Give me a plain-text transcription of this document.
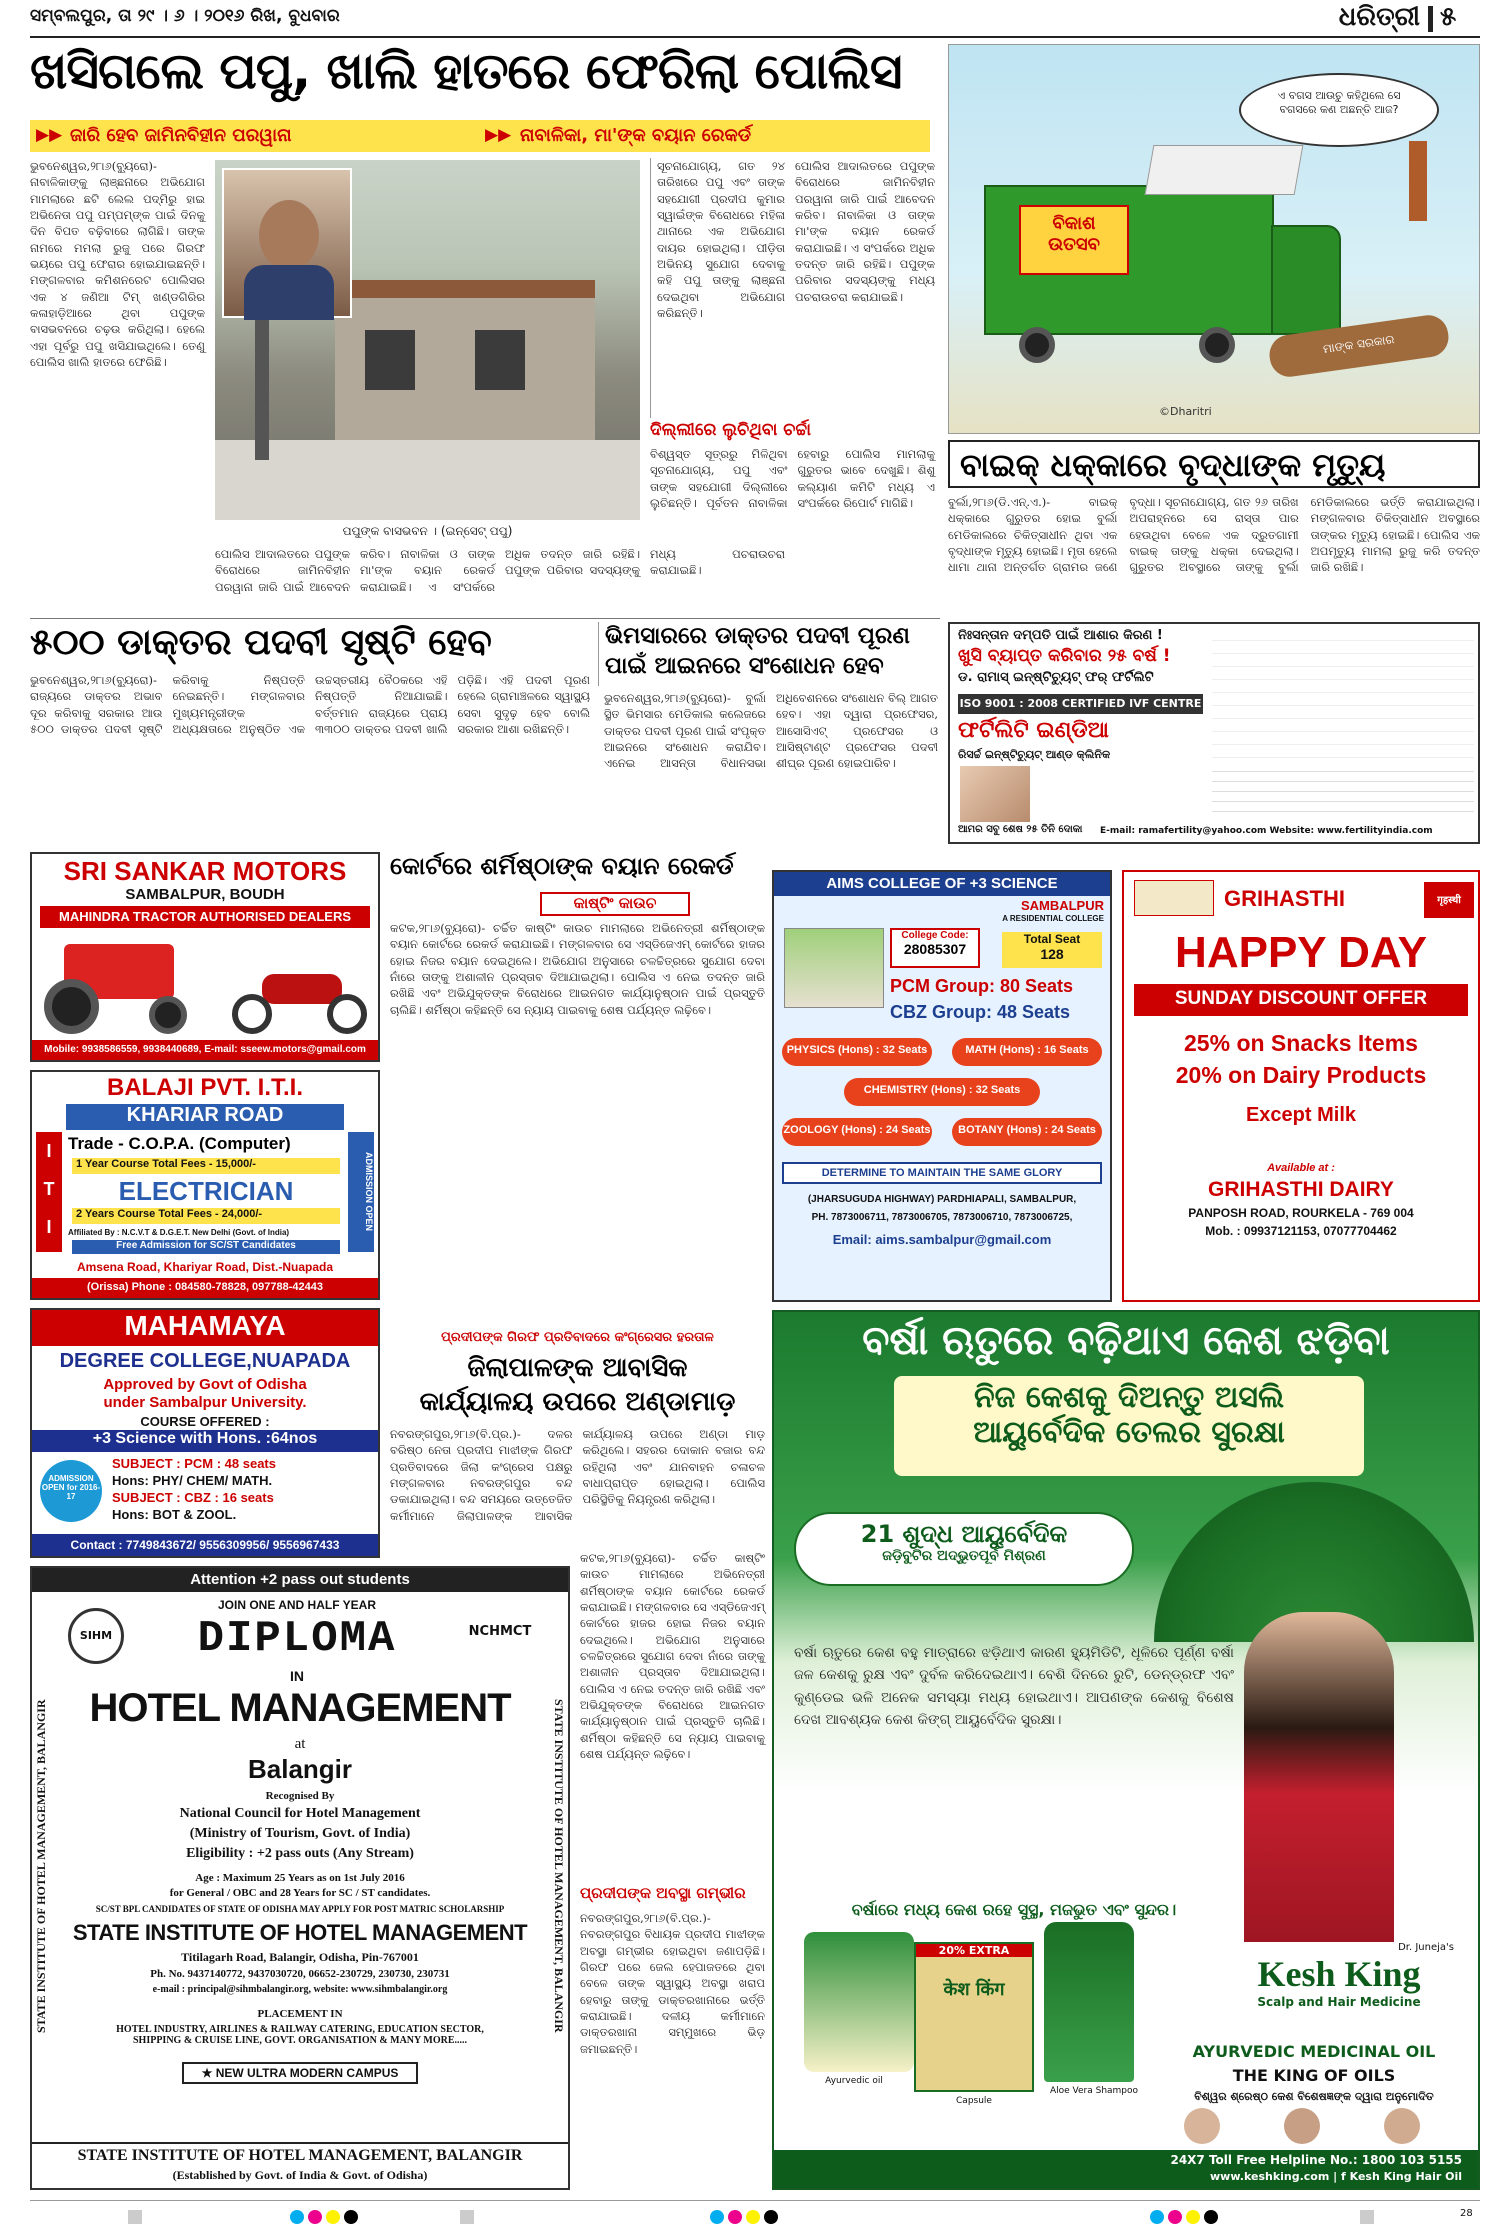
ସମ୍ବଲପୁର, ତା ୨୯ । ୬ । ୨୦୧୬ ରିଖ, ବୁଧବାର	ଧରିତ୍ରୀ ୫
ଖସିଗଲେ ପପୁ, ଖାଲି ହାତରେ ଫେରିଲା ପୋଲିସ
▶▶ ଜାରି ହେବ ଜାମିନବିହୀନ ପରୱାନା	▶▶ ନାବାଳିକା, ମା'ଙ୍କ ବୟାନ ରେକର୍ଡ
ଭୁବନେଶ୍ୱର,୨୮ା୬(ବ୍ୟୁରୋ)- ନାବାଳିକାଙ୍କୁ ଲାଞ୍ଛନାରେ ଅଭିଯୋଗ ମାମଲାରେ ଛଟି ଲେଲ ପଦ୍ମିରୁ ହାଇ ଅଭିନେତା ପପୁ ପମ୍‌ପମ୍‌ଙ୍କ ପାଇଁ ଦିନକୁ ଦିନ ବିପତ ବଢ଼ିବାରେ ଲାଗିଛି। ତାଙ୍କ ନାମରେ ମମଲା ରୁଜୁ ପରେ ଗିରଫ ଭୟରେ ପପୁ ଫେରାର ହୋଇଯାଇଛନ୍ତି। ମଙ୍ଗଳବାର କମିଶନରେଟ ପୋଲିସର ଏକ ୪ ଜଣିଆ ଟିମ୍ ଖଣ୍ଡଗିରିର କଳାହାଡ଼ିଆରେ ଥିବା ପପୁଙ୍କ ବାସଭବନରେ ଚଢ଼ଉ କରିଥିଲା। ହେଲେ ଏହା ପୂର୍ବରୁ ପପୁ ଖସିଯାଇଥିଲେ। ତେଣୁ ପୋଲିସ ଖାଲି ହାତରେ ଫେରିଛି।
ପପୁଙ୍କ ବାସଭବନ । (ଇନ୍‌ସେଟ୍ ପପୁ)
ପୋଲିସ ଆଦାଲତରେ ପପୁଙ୍କ ବିରୋଧରେ ଜାମିନବିହୀନ ପରୱାନା ଜାରି ପାଇଁ ଆବେଦନ କରିବ। ନାବାଳିକା ଓ ତାଙ୍କ ମା'ଙ୍କ ବୟାନ ରେକର୍ଡ କରାଯାଇଛି। ଏ ସଂପର୍କରେ ଅଧିକ ତଦନ୍ତ ଜାରି ରହିଛି। ପପୁଙ୍କ ପରିବାର ସଦସ୍ୟଙ୍କୁ ମଧ୍ୟ ପଚରାଉଚରା କରାଯାଇଛି।
ସୂଚନାଯୋଗ୍ୟ, ଗତ ୨୪ ତାରିଖରେ ପପୁ ଏବଂ ତାଙ୍କ ସହଯୋଗୀ ପ୍ରଦୀପ କୁମାର ସ୍ୱାଇଁଙ୍କ ବିରୋଧରେ ମହିଳା ଥାନାରେ ଏକ ଅଭିଯୋଗ ଦାୟର ହୋଇଥିଲା। ପୀଡ଼ିତା ଅଭିନୟ ସୁଯୋଗ ଦେବାକୁ କହି ପପୁ ତାଙ୍କୁ ଲାଞ୍ଛନା ଦେଇଥିବା ଅଭିଯୋଗ କରିଛନ୍ତି।
ପୋଲିସ ଆଦାଲତରେ ପପୁଙ୍କ ବିରୋଧରେ ଜାମିନବିହୀନ ପରୱାନା ଜାରି ପାଇଁ ଆବେଦନ କରିବ। ନାବାଳିକା ଓ ତାଙ୍କ ମା'ଙ୍କ ବୟାନ ରେକର୍ଡ କରାଯାଇଛି। ଏ ସଂପର୍କରେ ଅଧିକ ତଦନ୍ତ ଜାରି ରହିଛି। ପପୁଙ୍କ ପରିବାର ସଦସ୍ୟଙ୍କୁ ମଧ୍ୟ ପଚରାଉଚରା କରାଯାଇଛି।
ଦିଲ୍ଲୀରେ ଲୁଚିଥିବା ଚର୍ଚ୍ଚା
ବିଶ୍ୱସ୍ତ ସୂତ୍ରରୁ ମିଳିଥିବା ସୂଚନାଯୋଗ୍ୟ, ପପୁ ଏବଂ ତାଙ୍କ ସହଯୋଗୀ ଦିଲ୍ଲୀରେ ଲୁଚିଛନ୍ତି। ପୂର୍ବତନ ନାବାଳିକା ହେବାରୁ ପୋଲିସ ମାମଲାକୁ ଗୁରୁତର ଭାବେ ଦେଖୁଛି। ଶିଶୁ କଲ୍ୟାଣ କମିଟି ମଧ୍ୟ ଏ ସଂପର୍କରେ ରିପୋର୍ଟ ମାଗିଛି।
ଏ ବଗସ ଆଉଚୁ କହିଥିଲେ ସେ ବଗସରେ କଣ ଅଛନ୍ତି ଆଜ?
ବିକାଶ
ଉତସବ
ମାଙ୍କ ସରକାର
©Dharitri
ବାଇକ୍ ଧକ୍କାରେ ବୃଦ୍ଧାଙ୍କ ମୃତ୍ୟୁ
ବୁର୍ଲା,୨୮ା୬(ଡି.ଏନ୍.ଏ.)- ବାଇକ୍ ଧକ୍କାରେ ଗୁରୁତର ହୋଇ ବୁର୍ଲା ମେଡିକାଲରେ ଚିକିତ୍ସାଧୀନ ଥିବା ଏକ ବୃଦ୍ଧାଙ୍କ ମୃତ୍ୟୁ ହୋଇଛି। ମୃତା ହେଲେ ଧାମା ଥାନା ଅନ୍ତର୍ଗତ ଗ୍ରାମର ଜଣେ ବୃଦ୍ଧା। ସୂଚନାଯୋଗ୍ୟ, ଗତ ୨୬ ତାରିଖ ଅପରାହ୍ନରେ ସେ ରାସ୍ତା ପାର ହେଉଥିବା ବେଳେ ଏକ ଦ୍ରୁତଗାମୀ ବାଇକ୍ ତାଙ୍କୁ ଧକ୍କା ଦେଇଥିଲା। ଗୁରୁତର ଅବସ୍ଥାରେ ତାଙ୍କୁ ବୁର୍ଲା ମେଡିକାଲରେ ଭର୍ତ୍ତି କରାଯାଇଥିଲା। ମଙ୍ଗଳବାର ଚିକିତ୍ସାଧୀନ ଅବସ୍ଥାରେ ତାଙ୍କର ମୃତ୍ୟୁ ହୋଇଛି। ପୋଲିସ ଏକ ଅପମୃତ୍ୟୁ ମାମଲା ରୁଜୁ କରି ତଦନ୍ତ ଜାରି ରଖିଛି।
୫୦୦ ଡାକ୍ତର ପଦବୀ ସୃଷ୍ଟି ହେବ
ଭୁବନେଶ୍ୱର,୨୮ା୬(ବ୍ୟୁରୋ)- ରାଜ୍ୟରେ ଡାକ୍ତର ଅଭାବ ଦୂର କରିବାକୁ ସରକାର ଆଉ ୫୦୦ ଡାକ୍ତର ପଦବୀ ସୃଷ୍ଟି କରିବାକୁ ନିଷ୍ପତ୍ତି ନେଇଛନ୍ତି। ମଙ୍ଗଳବାର ମୁଖ୍ୟମନ୍ତ୍ରୀଙ୍କ ଅଧ୍ୟକ୍ଷତାରେ ଅନୁଷ୍ଠିତ ଏକ ଉଚ୍ଚସ୍ତରୀୟ ବୈଠକରେ ଏହି ନିଷ୍ପତ୍ତି ନିଆଯାଇଛି। ବର୍ତ୍ତମାନ ରାଜ୍ୟରେ ପ୍ରାୟ ୩୩୦୦ ଡାକ୍ତର ପଦବୀ ଖାଲି ପଡ଼ିଛି। ଏହି ପଦବୀ ପୂରଣ ହେଲେ ଗ୍ରାମାଞ୍ଚଳରେ ସ୍ୱାସ୍ଥ୍ୟ ସେବା ସୁଦୃଢ଼ ହେବ ବୋଲି ସରକାର ଆଶା ରଖିଛନ୍ତି।
ଭିମସାରରେ ଡାକ୍ତର ପଦବୀ ପୂରଣ
ପାଇଁ ଆଇନରେ ସଂଶୋଧନ ହେବ
ଭୁବନେଶ୍ୱର,୨୮ା୬(ବ୍ୟୁରୋ)- ବୁର୍ଲା ସ୍ଥିତ ଭିମସାର ମେଡିକାଲ କଲେଜରେ ଡାକ୍ତର ପଦବୀ ପୂରଣ ପାଇଁ ସଂପୃକ୍ତ ଆଇନରେ ସଂଶୋଧନ କରାଯିବ। ଏନେଇ ଆସନ୍ତା ବିଧାନସଭା ଅଧିବେଶନରେ ସଂଶୋଧନ ବିଲ୍ ଆଗତ ହେବ। ଏହା ଦ୍ୱାରା ପ୍ରଫେସର, ଆସୋସିଏଟ୍ ପ୍ରଫେସର ଓ ଆସିଷ୍ଟାଣ୍ଟ ପ୍ରଫେସର ପଦବୀ ଶୀଘ୍ର ପୂରଣ ହୋଇପାରିବ।
ନିଃସନ୍ତାନ ଦମ୍ପତି ପାଇଁ ଆଶାର କିରଣ !
ଖୁସି ବ୍ୟାପ୍ତ କରିବାର ୨୫ ବର୍ଷ !
ଡ. ରାମାସ୍ ଇନ୍‌ଷ୍ଟିଚ୍ୟୁଟ୍ ଫର୍ ଫର୍ଟିଲିଟି
ISO 9001 : 2008 CERTIFIED IVF CENTRE
ଫର୍ଟିଲିଟି ଇଣ୍ଡିଆ
ରିସର୍ଚ୍ଚ ଇନ୍‌ଷ୍ଟିଚ୍ୟୁଟ୍ ଆଣ୍ଡ କ୍ଲିନିକ
ଆମର ସବୁ ଶେଷ ୨୫ ତିନି ଦୋକା E-mail: ramafertility@yahoo.com Website: www.fertilityindia.com
SRI SANKAR MOTORS
SAMBALPUR, BOUDH
MAHINDRA TRACTOR AUTHORISED DEALERS
Mobile: 9938586559, 9938440689, E-mail: sseew.motors@gmail.com
BALAJI PVT. I.T.I.
KHARIAR ROAD
I T I	ADMISSION OPEN
Trade - C.O.P.A. (Computer)
1 Year Course Total Fees - 15,000/-
ELECTRICIAN
2 Years Course Total Fees - 24,000/-
Affiliated By : N.C.V.T & D.G.E.T. New Delhi (Govt. of India)
Free Admission for SC/ST Candidates
Amsena Road, Khariyar Road, Dist.-Nuapada
(Orissa) Phone : 084580-78828, 097788-42443
MAHAMAYA
DEGREE COLLEGE,NUAPADA
Approved by Govt of Odisha
under Sambalpur University.
COURSE OFFERED :
+3 Science with Hons. :64nos
SUBJECT : PCM : 48 seats
Hons: PHY/ CHEM/ MATH.
SUBJECT : CBZ : 16 seats
Hons: BOT & ZOOL.
ADMISSION OPEN for 2016-17
Contact : 7749843672/ 9556309956/ 9556967433
Attention +2 pass out students
STATE INSTITUTE OF HOTEL MANAGEMENT, BALANGIR	STATE INSTITUTE OF HOTEL MANAGEMENT, BALANGIR
SIHM	NCHMCT
JOIN ONE AND HALF YEAR
DIPLOMA
IN
HOTEL MANAGEMENT
at
Balangir
Recognised By
National Council for Hotel Management
(Ministry of Tourism, Govt. of India)
Eligibility : +2 pass outs (Any Stream)
Age : Maximum 25 Years as on 1st July 2016
for General / OBC and 28 Years for SC / ST candidates.
SC/ST BPL CANDIDATES OF STATE OF ODISHA MAY APPLY FOR POST MATRIC SCHOLARSHIP
STATE INSTITUTE OF HOTEL MANAGEMENT
Titilagarh Road, Balangir, Odisha, Pin-767001
Ph. No. 9437140772, 9437030720, 06652-230729, 230730, 230731
e-mail : principal@sihmbalangir.org, website: www.sihmbalangir.org
PLACEMENT IN
HOTEL INDUSTRY, AIRLINES & RAILWAY CATERING, EDUCATION SECTOR, SHIPPING & CRUISE LINE, GOVT. ORGANISATION & MANY MORE.....
★ NEW ULTRA MODERN CAMPUS
STATE INSTITUTE OF HOTEL MANAGEMENT, BALANGIR
(Established by Govt. of India & Govt. of Odisha)
କୋର୍ଟରେ ଶର୍ମିଷ୍ଠାଙ୍କ ବୟାନ ରେକର୍ଡ
କାଷ୍ଟିଂ କାଉଚ
କଟକ,୨୮ା୬(ବ୍ୟୁରୋ)- ଚର୍ଚ୍ଚିତ କାଷ୍ଟିଂ କାଉଚ ମାମଲାରେ ଅଭିନେତ୍ରୀ ଶର୍ମିଷ୍ଠାଙ୍କ ବୟାନ କୋର୍ଟରେ ରେକର୍ଡ କରାଯାଇଛି। ମଙ୍ଗଳବାର ସେ ଏସ୍‌ଡିଜେଏମ୍ କୋର୍ଟରେ ହାଜର ହୋଇ ନିଜର ବୟାନ ଦେଇଥିଲେ। ଅଭିଯୋଗ ଅନୁସାରେ ଚଳଚ୍ଚିତ୍ରରେ ସୁଯୋଗ ଦେବା ନାଁରେ ତାଙ୍କୁ ଅଶାଳୀନ ପ୍ରସ୍ତାବ ଦିଆଯାଇଥିଲା। ପୋଲିସ ଏ ନେଇ ତଦନ୍ତ ଜାରି ରଖିଛି ଏବଂ ଅଭିଯୁକ୍ତଙ୍କ ବିରୋଧରେ ଆଇନଗତ କାର୍ଯ୍ୟାନୁଷ୍ଠାନ ପାଇଁ ପ୍ରସ୍ତୁତି ଚାଲିଛି। ଶର୍ମିଷ୍ଠା କହିଛନ୍ତି ସେ ନ୍ୟାୟ ପାଇବାକୁ ଶେଷ ପର୍ଯ୍ୟନ୍ତ ଲଢ଼ିବେ।
ପ୍ରଦୀପଙ୍କ ଗିରଫ ପ୍ରତିବାଦରେ କଂଗ୍ରେସର ହରତାଳ
ଜିଲାପାଳଙ୍କ ଆବାସିକ
କାର୍ଯ୍ୟାଳୟ ଉପରେ ଅଣ୍ଡାମାଡ଼
ନବରଙ୍ଗପୁର,୨୮ା୬(ବି.ପ୍ର.)- ଦଳର ବରିଷ୍ଠ ନେତା ପ୍ରଦୀପ ମାଝୀଙ୍କ ଗିରଫ ପ୍ରତିବାଦରେ ଜିଲା କଂଗ୍ରେସ ପକ୍ଷରୁ ମଙ୍ଗଳବାର ନବରଙ୍ଗପୁର ବନ୍ଦ ଡକାଯାଇଥିଲା। ବନ୍ଦ ସମୟରେ ଉତ୍ତେଜିତ କର୍ମୀମାନେ ଜିଲାପାଳଙ୍କ ଆବାସିକ କାର୍ଯ୍ୟାଳୟ ଉପରେ ଅଣ୍ଡା ମାଡ଼ କରିଥିଲେ। ସହରର ଦୋକାନ ବଜାର ବନ୍ଦ ରହିଥିଲା ଏବଂ ଯାନବାହନ ଚଳାଚଳ ବାଧାପ୍ରାପ୍ତ ହୋଇଥିଲା। ପୋଲିସ ପରିସ୍ଥିତିକୁ ନିୟନ୍ତ୍ରଣ କରିଥିଲା।
କଟକ,୨୮ା୬(ବ୍ୟୁରୋ)- ଚର୍ଚ୍ଚିତ କାଷ୍ଟିଂ କାଉଚ ମାମଲାରେ ଅଭିନେତ୍ରୀ ଶର୍ମିଷ୍ଠାଙ୍କ ବୟାନ କୋର୍ଟରେ ରେକର୍ଡ କରାଯାଇଛି। ମଙ୍ଗଳବାର ସେ ଏସ୍‌ଡିଜେଏମ୍ କୋର୍ଟରେ ହାଜର ହୋଇ ନିଜର ବୟାନ ଦେଇଥିଲେ। ଅଭିଯୋଗ ଅନୁସାରେ ଚଳଚ୍ଚିତ୍ରରେ ସୁଯୋଗ ଦେବା ନାଁରେ ତାଙ୍କୁ ଅଶାଳୀନ ପ୍ରସ୍ତାବ ଦିଆଯାଇଥିଲା। ପୋଲିସ ଏ ନେଇ ତଦନ୍ତ ଜାରି ରଖିଛି ଏବଂ ଅଭିଯୁକ୍ତଙ୍କ ବିରୋଧରେ ଆଇନଗତ କାର୍ଯ୍ୟାନୁଷ୍ଠାନ ପାଇଁ ପ୍ରସ୍ତୁତି ଚାଲିଛି। ଶର୍ମିଷ୍ଠା କହିଛନ୍ତି ସେ ନ୍ୟାୟ ପାଇବାକୁ ଶେଷ ପର୍ଯ୍ୟନ୍ତ ଲଢ଼ିବେ।
ପ୍ରଦୀପଙ୍କ ଅବସ୍ଥା ଗମ୍ଭୀର
ନବରଙ୍ଗପୁର,୨୮ା୬(ବି.ପ୍ର.)- ନବରଙ୍ଗପୁର ବିଧାୟକ ପ୍ରଦୀପ ମାଝୀଙ୍କ ଅବସ୍ଥା ଗମ୍ଭୀର ହୋଇଥିବା ଜଣାପଡ଼ିଛି। ଗିରଫ ପରେ ଜେଲ ହେପାଜତରେ ଥିବା ବେଳେ ତାଙ୍କ ସ୍ୱାସ୍ଥ୍ୟ ଅବସ୍ଥା ଖରାପ ହେବାରୁ ତାଙ୍କୁ ଡାକ୍ତରଖାନାରେ ଭର୍ତ୍ତି କରାଯାଇଛି। ଦଳୀୟ କର୍ମୀମାନେ ଡାକ୍ତରଖାନା ସମ୍ମୁଖରେ ଭିଡ଼ ଜମାଇଛନ୍ତି।
AIMS COLLEGE OF +3 SCIENCE
SAMBALPUR
A RESIDENTIAL COLLEGE
College Code:
28085307
Total Seat
128
PCM Group: 80 Seats
CBZ Group: 48 Seats
PHYSICS (Hons) : 32 Seats	MATH (Hons) : 16 Seats
CHEMISTRY (Hons) : 32 Seats
ZOOLOGY (Hons) : 24 Seats	BOTANY (Hons) : 24 Seats
DETERMINE TO MAINTAIN THE SAME GLORY
(JHARSUGUDA HIGHWAY) PARDHIAPALI, SAMBALPUR,
PH. 7873006711, 7873006705, 7873006710, 7873006725,
Email: aims.sambalpur@gmail.com
GRIHASTHI	गृहस्थी
HAPPY DAY
SUNDAY DISCOUNT OFFER
25% on Snacks Items
20% on Dairy Products
Except Milk
Available at :
GRIHASTHI DAIRY
PANPOSH ROAD, ROURKELA - 769 004
Mob. : 09937121153, 07077704462
ବର୍ଷା ଋତୁରେ ବଢ଼ିଥାଏ କେଶ ଝଡ଼ିବା
ନିଜ କେଶକୁ ଦିଅନ୍ତୁ ଅସଲି
ଆୟୁର୍ବେଦିକ ତେଲର ସୁରକ୍ଷା
21 ଶୁଦ୍ଧ ଆୟୁର୍ବେଦିକ
ଜଡ଼ିବୁଟିର ଅଦ୍ଭୁତପୂର୍ବ ମିଶ୍ରଣ
ବର୍ଷା ଋତୁରେ କେଶ ବହୁ ମାତ୍ରାରେ ଝଡ଼ିଥାଏ କାରଣ ହ୍ୟୁମିଡିଟି, ଧୂଳିରେ ପୂର୍ଣ୍ଣ ବର୍ଷା ଜଳ କେଶକୁ ରୁକ୍ଷ ଏବଂ ଦୁର୍ବଳ କରିଦେଇଥାଏ। ବେଶି ଦିନରେ ରୁଟି, ଡେନ୍‌ଡ୍ରଫ ଏବଂ କୁଣ୍ଡେଇ ଭଳି ଅନେକ ସମସ୍ୟା ମଧ୍ୟ ହୋଇଥାଏ। ଆପଣଙ୍କ କେଶକୁ ବିଶେଷ ଦେଖ ଆବଶ୍ୟକ କେଶ କିଙ୍ଗ୍ ଆୟୁର୍ବେଦିକ ସୁରକ୍ଷା।
ବର୍ଷାରେ ମଧ୍ୟ କେଶ ରହେ ସୁସ୍ଥ, ମଜଭୁତ ଏବଂ ସୁନ୍ଦର।
20% EXTRA
केश किंग
Ayurvedic oil
Capsule
Aloe Vera Shampoo
Dr. Juneja's
Kesh King
Scalp and Hair Medicine
AYURVEDIC MEDICINAL OIL
THE KING OF OILS
ବିଶ୍ୱର ଶ୍ରେଷ୍ଠ କେଶ ବିଶେଷଜ୍ଞଙ୍କ ଦ୍ୱାରା ଅନୁମୋଦିତ
24X7 Toll Free Helpline No.: 1800 103 5155
www.keshking.com | f Kesh King Hair Oil
28
